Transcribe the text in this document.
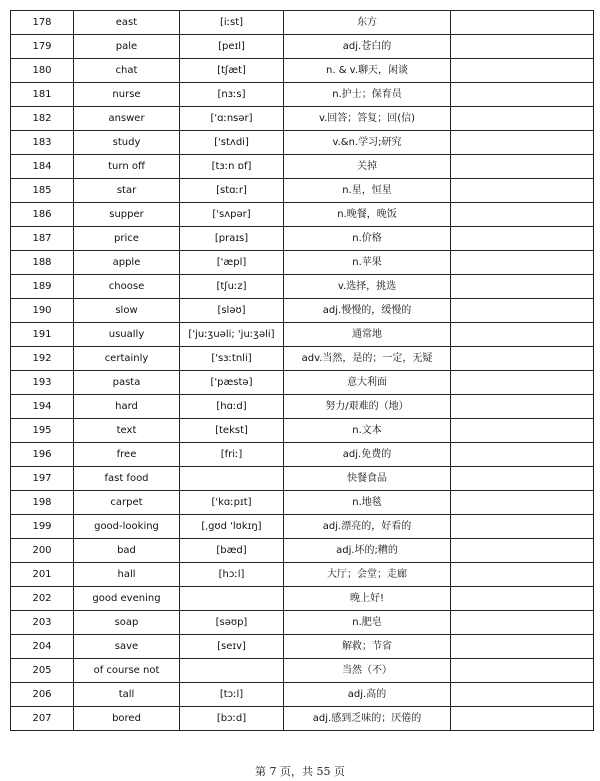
178	east	[iːst]	东方	
179	pale	[peɪl]	adj.苍白的	
180	chat	[tʃæt]	n. & v.聊天，闲谈	
181	nurse	[nɜːs]	n.护士；保育员	
182	answer	['ɑːnsər]	v.回答；答复；回(信)	
183	study	['stʌdi]	v.&n.学习;研究	
184	turn off	[tɜːn ɒf]	关掉	
185	star	[stɑːr]	n.星，恒星	
186	supper	['sʌpər]	n.晚餐，晚饭	
187	price	[praɪs]	n.价格	
188	apple	['æpl]	n.苹果	
189	choose	[tʃuːz]	v.选择，挑选	
190	slow	[sləʊ]	adj.慢慢的，缓慢的	
191	usually	['juːʒuəli; 'juːʒəli]	通常地	
192	certainly	['sɜːtnli]	adv.当然，是的；一定，无疑	
193	pasta	['pæstə]	意大利面	
194	hard	[hɑːd]	努力/艰难的（地）	
195	text	[tekst]	n.文本	
196	free	[friː]	adj.免费的	
197	fast food		快餐食品	
198	carpet	['kɑːpɪt]	n.地毯	
199	good-looking	[ˌgʊd 'lʊkɪŋ]	adj.漂亮的，好看的	
200	bad	[bæd]	adj.坏的;糟的	
201	hall	[hɔːl]	大厅；会堂；走廊	
202	good evening		晚上好!	
203	soap	[səʊp]	n.肥皂	
204	save	[seɪv]	解救；节省	
205	of course not		当然（不）	
206	tall	[tɔːl]	adj.高的	
207	bored	[bɔːd]	adj.感到乏味的；厌倦的	
第 7 页，共 55 页
